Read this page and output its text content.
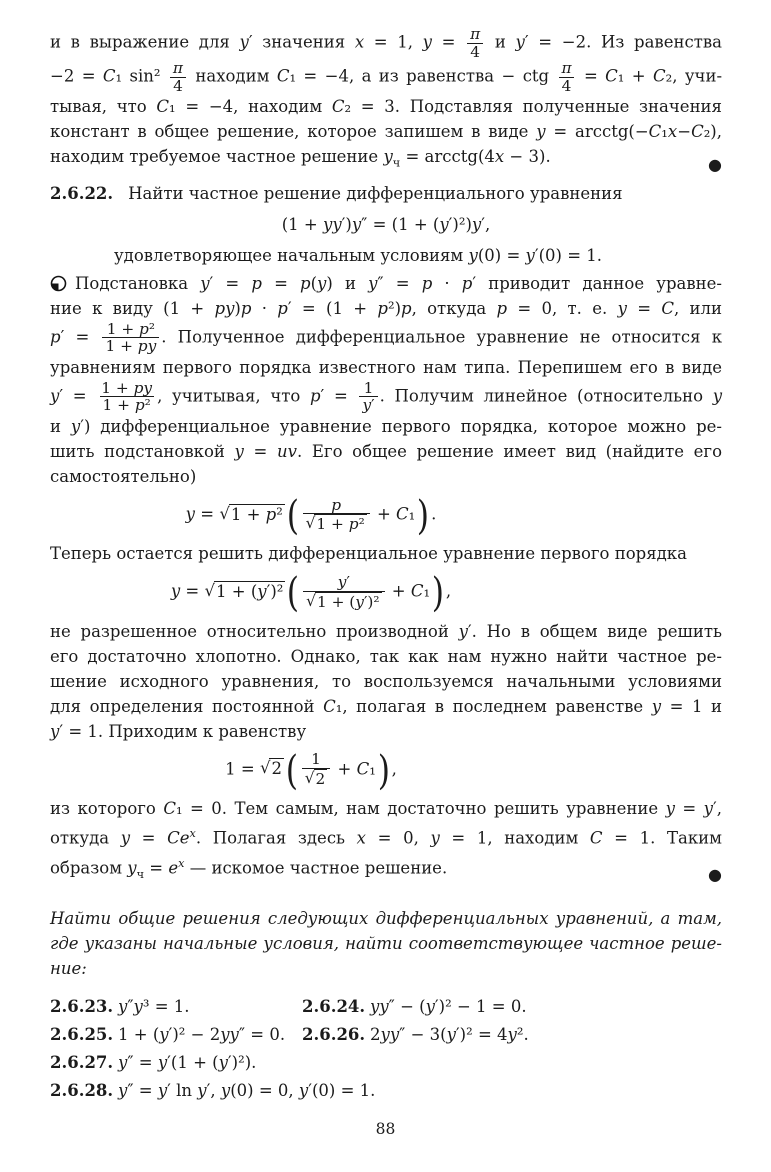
и в выражение для y′ значения x = 1, $y = \frac{\pi}{4}$ и y′ = −2. Из равенства
−2 = C₁ $\sin^2 \frac{\pi}{4}$ находим C₁ = −4, а из равенства − ctg $\frac{\pi}{4} = C_1 + C_2$, учи-
тывая, что C₁ = −4, находим C₂ = 3. Подставляя полученные значения
констант в общее решение, которое запишем в виде y = arcctg(−C₁x−C₂),
находим требуемое частное решение $y_ч$ = arcctg(4x − 3).	●
2.6.22. Найти частное решение дифференциального уравнения
(1 + yy′)y″ = (1 + (y′)²)y′,
удовлетворяющее начальным условиям y(0) = y′(0) = 1.
Подстановка y′ = p = p(y) и y″ = p · p′ приводит данное уравне-
ние к виду (1 + py)p · p′ = (1 + p²)p, откуда p = 0, т. е. y = C, или
$p' = \frac{\text{1 + p²}}{1 + py}$ . Полученное дифференциальное уравнение не относится к
уравнениям первого порядка известного нам типа. Перепишем его в виде
$y' = \frac{1 + py}{\text{1 + p²}}$ , учитывая, что $p' = \frac{1}{y'}$ . Получим линейное (относительно y
и y′) дифференциальное уравнение первого порядка, которое можно ре-
шить подстановкой y = uv. Его общее решение имеет вид (найдите его
самостоятельно)
$y = √1 + p^2( \frac{p}{\text{√1 + p²}} + C_1)$ .
Теперь остается решить дифференциальное уравнение первого порядка
$y = √1 + (y')^2( \frac{y'}{\text{√1 + (y′)²}} + C_1)$ ,
не разрешенное относительно производной y′. Но в общем виде решить
его достаточно хлопотно. Однако, так как нам нужно найти частное ре-
шение исходного уравнения, то воспользуемся начальными условиями
для определения постоянной C₁, полагая в последнем равенстве y = 1 и
y′ = 1. Приходим к равенству
$1 = √2( \frac{1}{√2} + C_1)$ ,
из которого C₁ = 0. Тем самым, нам достаточно решить уравнение y = y′,
откуда $y = Ce^x$. Полагая здесь x = 0, y = 1, находим C = 1. Таким
образом $y_ч = e^x$ — искомое частное решение.	●
Найти общие решения следующих дифференциальных уравнений, а там,
где указаны начальные условия, найти соответствующее частное реше-
ние:
2.6.23. y″y³ = 1.	2.6.24. yy″ − (y′)² − 1 = 0.
2.6.25. 1 + (y′)² − 2yy″ = 0. 2.6.26. 2yy″ − 3(y′)² = 4y².
2.6.27. y″ = y′(1 + (y′)²).
2.6.28. y″ = y′ ln y′, y(0) = 0, y′(0) = 1.
88
